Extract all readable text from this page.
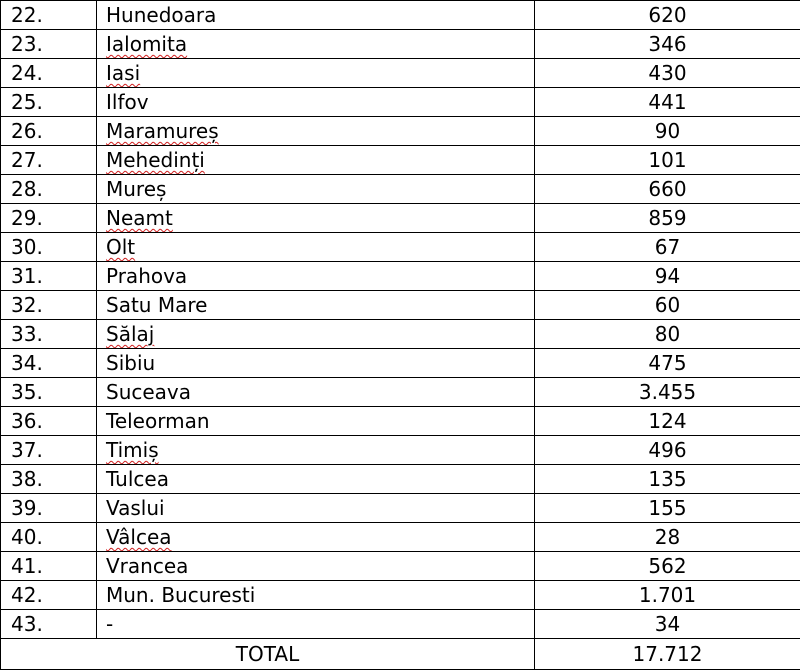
22.	Hunedoara	620
23.	Ialomita	346
24.	Iasi	430
25.	Ilfov	441
26.	Maramureș	90
27.	Mehedinți	101
28.	Mureș	660
29.	Neamt	859
30.	Olt	67
31.	Prahova	94
32.	Satu Mare	60
33.	Sălaj	80
34.	Sibiu	475
35.	Suceava	3.455
36.	Teleorman	124
37.	Timiș	496
38.	Tulcea	135
39.	Vaslui	155
40.	Vâlcea	28
41.	Vrancea	562
42.	Mun. Bucuresti	1.701
43.	-	34
TOTAL		17.712
